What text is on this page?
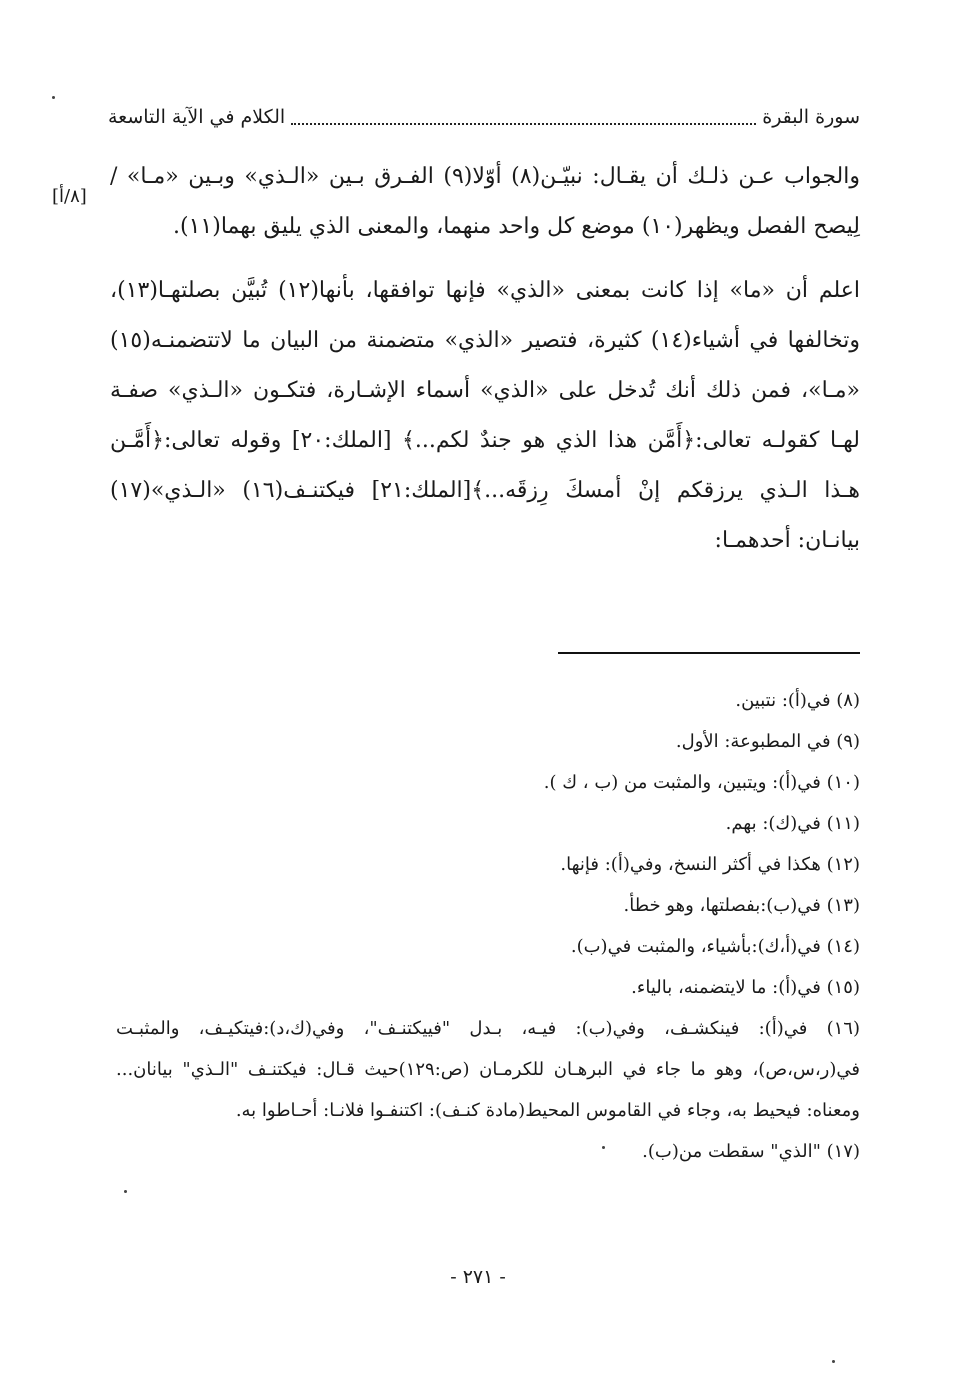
سورة البقرة
الكلام في الآية التاسعة
[٨/أ]

والجواب عـن ذلـك أن يقـال: نبيّـن(٨) أوّلا(٩) الفـرق بـين «الـذي» وبـين «مـا» / لِيصح الفصل ويظهر(١٠) موضع كل واحد منهما، والمعنى الذي يليق بهما(١١).

اعلم أن «ما» إذا كانت بمعنى «الذي» فإنها توافقها، بأنها(١٢) تُبيَّن بصلتهـا(١٣)، وتخالفها في أشياء(١٤) كثيرة، فتصير «الذي» متضمنة من البيان ما لاتتضمنـه(١٥) «مـا»، فمن ذلك أنك تُدخل على «الذي» أسماء الإشـارة، فتكـون «الـذي» صفـة لهـا كقولـه تعالى:﴿أَمَّن هذا الذي هو جندٌ لكم...﴾ [الملك:٢٠] وقوله تعالى:﴿أَمَّـن هـذا الـذي يرزقكم إنْ أمسكَ رِزقَه...﴾[الملك:٢١] فيكتنـف(١٦) «الـذي»(١٧) بيانـان: أحدهمـا:

(٨) في(أ): نتبين.

(٩) في المطبوعة: الأول.

(١٠) في(أ): ويتبين، والمثبت من (ب ، ك ).

(١١) في(ك): بهم.

(١٢) هكذا في أكثر النسخ، وفي(أ): فإنها.

(١٣) في(ب):بفصلتها، وهو خطأ.

(١٤) في(أ،ك):بأشياء، والمثبت في(ب).

(١٥) في(أ): ما لايتضمنه، بالياء.

(١٦) في(أ): فينكشـف، وفي(ب): فيـه، بـدل "فييكتنـف"، وفي(ك،د):فيتكيـف، والمثبـت في(ر،س،ص)، وهو ما جاء في البرهـان للكرمـان (ص:١٢٩)حيث قـال: فيكتنـف "الـذي" بيانان... ومعناه: فيحيط به، وجاء في القاموس المحيط(مادة كنـف): اكتنفـوا فلانـا: أحـاطوا به.

(١٧) "الذي" سقطت من(ب).

- ٢٧١ -
